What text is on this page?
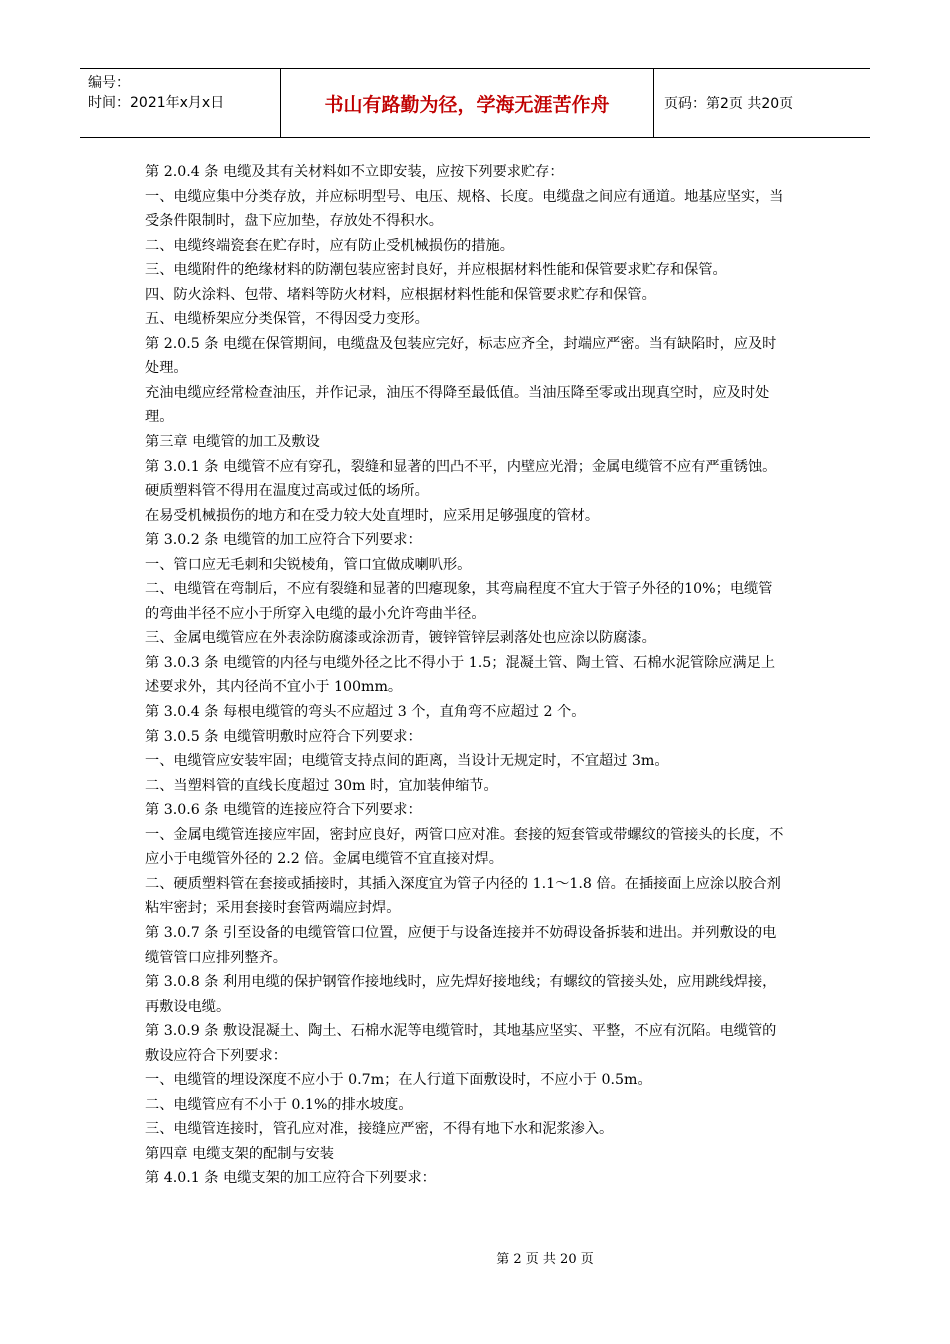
编号：
时间：2021年x月x日	书山有路勤为径，学海无涯苦作舟	页码：第2页 共20页

第 2.0.4 条 电缆及其有关材料如不立即安装，应按下列要求贮存：

一、电缆应集中分类存放，并应标明型号、电压、规格、长度。电缆盘之间应有通道。地基应坚实，当受条件限制时，盘下应加垫，存放处不得积水。

二、电缆终端瓷套在贮存时，应有防止受机械损伤的措施。

三、电缆附件的绝缘材料的防潮包装应密封良好，并应根据材料性能和保管要求贮存和保管。

四、防火涂料、包带、堵料等防火材料，应根据材料性能和保管要求贮存和保管。

五、电缆桥架应分类保管，不得因受力变形。

第 2.0.5 条 电缆在保管期间，电缆盘及包装应完好，标志应齐全，封端应严密。当有缺陷时，应及时处理。

充油电缆应经常检查油压，并作记录，油压不得降至最低值。当油压降至零或出现真空时，应及时处理。

第三章 电缆管的加工及敷设

第 3.0.1 条 电缆管不应有穿孔，裂缝和显著的凹凸不平，内壁应光滑；金属电缆管不应有严重锈蚀。硬质塑料管不得用在温度过高或过低的场所。

在易受机械损伤的地方和在受力较大处直埋时，应采用足够强度的管材。

第 3.0.2 条 电缆管的加工应符合下列要求：

一、管口应无毛刺和尖锐棱角，管口宜做成喇叭形。

二、电缆管在弯制后，不应有裂缝和显著的凹瘪现象，其弯扁程度不宜大于管子外径的10%；电缆管的弯曲半径不应小于所穿入电缆的最小允许弯曲半径。

三、金属电缆管应在外表涂防腐漆或涂沥青，镀锌管锌层剥落处也应涂以防腐漆。

第 3.0.3 条 电缆管的内径与电缆外径之比不得小于 1.5；混凝土管、陶土管、石棉水泥管除应满足上述要求外，其内径尚不宜小于 100mm。

第 3.0.4 条 每根电缆管的弯头不应超过 3 个，直角弯不应超过 2 个。

第 3.0.5 条 电缆管明敷时应符合下列要求：

一、电缆管应安装牢固；电缆管支持点间的距离，当设计无规定时，不宜超过 3m。

二、当塑料管的直线长度超过 30m 时，宜加装伸缩节。

第 3.0.6 条 电缆管的连接应符合下列要求：

一、金属电缆管连接应牢固，密封应良好，两管口应对准。套接的短套管或带螺纹的管接头的长度，不应小于电缆管外径的 2.2 倍。金属电缆管不宜直接对焊。

二、硬质塑料管在套接或插接时，其插入深度宜为管子内径的 1.1～1.8 倍。在插接面上应涂以胶合剂粘牢密封；采用套接时套管两端应封焊。

第 3.0.7 条 引至设备的电缆管管口位置，应便于与设备连接并不妨碍设备拆装和进出。并列敷设的电缆管管口应排列整齐。

第 3.0.8 条 利用电缆的保护钢管作接地线时，应先焊好接地线；有螺纹的管接头处，应用跳线焊接，再敷设电缆。

第 3.0.9 条 敷设混凝土、陶土、石棉水泥等电缆管时，其地基应坚实、平整，不应有沉陷。电缆管的敷设应符合下列要求：

一、电缆管的埋设深度不应小于 0.7m；在人行道下面敷设时，不应小于 0.5m。

二、电缆管应有不小于 0.1%的排水坡度。

三、电缆管连接时，管孔应对准，接缝应严密，不得有地下水和泥浆渗入。

第四章 电缆支架的配制与安装

第 4.0.1 条 电缆支架的加工应符合下列要求：

第 2 页 共 20 页
